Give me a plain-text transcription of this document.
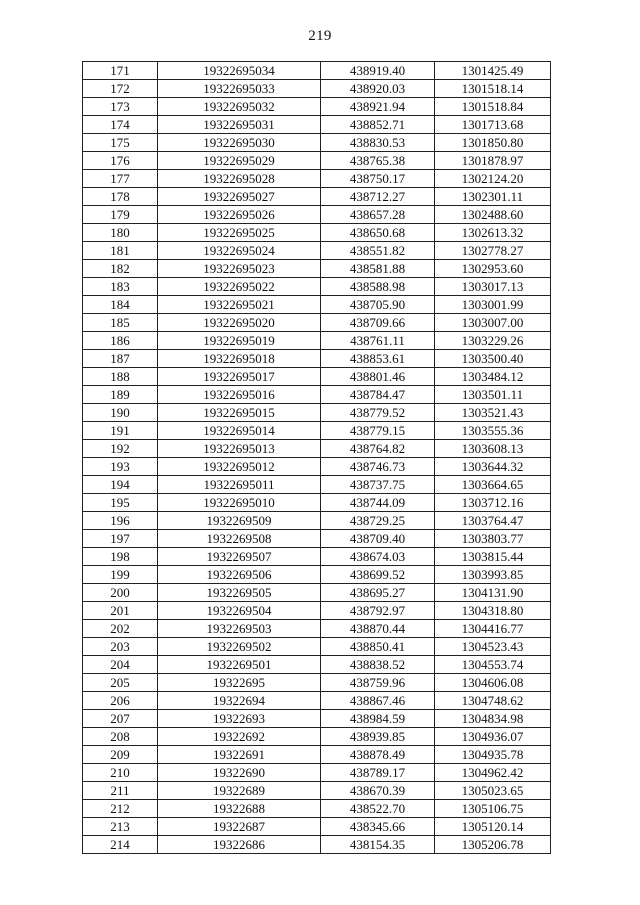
219
171	19322695034	438919.40	1301425.49
172	19322695033	438920.03	1301518.14
173	19322695032	438921.94	1301518.84
174	19322695031	438852.71	1301713.68
175	19322695030	438830.53	1301850.80
176	19322695029	438765.38	1301878.97
177	19322695028	438750.17	1302124.20
178	19322695027	438712.27	1302301.11
179	19322695026	438657.28	1302488.60
180	19322695025	438650.68	1302613.32
181	19322695024	438551.82	1302778.27
182	19322695023	438581.88	1302953.60
183	19322695022	438588.98	1303017.13
184	19322695021	438705.90	1303001.99
185	19322695020	438709.66	1303007.00
186	19322695019	438761.11	1303229.26
187	19322695018	438853.61	1303500.40
188	19322695017	438801.46	1303484.12
189	19322695016	438784.47	1303501.11
190	19322695015	438779.52	1303521.43
191	19322695014	438779.15	1303555.36
192	19322695013	438764.82	1303608.13
193	19322695012	438746.73	1303644.32
194	19322695011	438737.75	1303664.65
195	19322695010	438744.09	1303712.16
196	1932269509	438729.25	1303764.47
197	1932269508	438709.40	1303803.77
198	1932269507	438674.03	1303815.44
199	1932269506	438699.52	1303993.85
200	1932269505	438695.27	1304131.90
201	1932269504	438792.97	1304318.80
202	1932269503	438870.44	1304416.77
203	1932269502	438850.41	1304523.43
204	1932269501	438838.52	1304553.74
205	19322695	438759.96	1304606.08
206	19322694	438867.46	1304748.62
207	19322693	438984.59	1304834.98
208	19322692	438939.85	1304936.07
209	19322691	438878.49	1304935.78
210	19322690	438789.17	1304962.42
211	19322689	438670.39	1305023.65
212	19322688	438522.70	1305106.75
213	19322687	438345.66	1305120.14
214	19322686	438154.35	1305206.78
